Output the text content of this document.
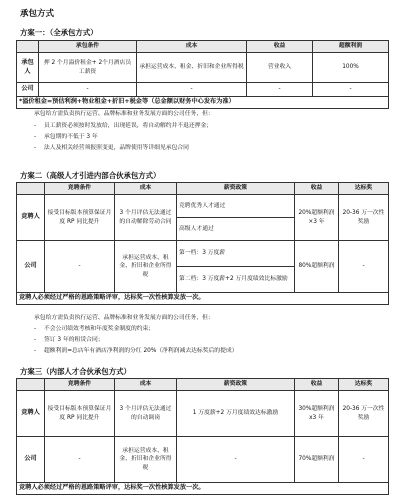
承包方式
方案一：（全承包方式）
	承包条件	成本	收益	超额利润
承包人	押 2 个月溢价租金+ 2个月酒店员工薪资	承担运营成本、租金、折旧和企业所得税	营业收入	100%
公司	-	-	-	-
*溢价租金=预估利润+物业租金+折旧+税金等（总金额以财务中心发布为准）				
承包给方需负责执行运营、品牌标准和业务发展方面的公司任务，但：
- 员工薪资必须按时发放给，出现延误，将自动解约并不退还押金；
- 承包期的不低于 3 年
- 法人及相关经营须报照变更，品牌使用等详细见承包合同
方案二（高级人才引进内部合伙承包方式）
	竞聘条件	成本	薪资政策	收益	达标奖
竞聘人	接受目标版本预算保证月度 RP 同比提升	3 个月评估无法通过的自动解除劳动合同	竞聘优秀人才通过	20%超额利润×3 年	20-36 万一次性奖励
			高级人才通过		
公司	-	承担运营成本、租金、折旧和企业所得税	第一档：3 万度薪	80%超额利润	-
			第二档：3 万度薪+2 万月度绩效比标激励		
竞聘人必须经过严格的恩路策略评审，达标奖一次性核算发放一次。					
承包给方需负责执行运营、品牌标准和业务发展方面的公司任务，但：
- 不会公司绩效考核和年度奖金制度的约束；
- 签订 3 年的租赁合同；
- 超额利润=总店年有酒店净利润的分红 20%（净利润减去达标奖后的提成）
方案三（内部人才合伙承包方式）
	竞聘条件	成本	薪资政策	收益	达标奖
竞聘人	接受目标版本预算保证月度 RP 同比提升	3 个月评估无法通过的自动调岗	1 万度薪+2 万月度绩效达标激励	30%超额利润 x3 年	20-36 万一次性奖励
公司	-	承担运营成本、租金、折旧和企业所得税	-	70%超额利润	-
竞聘人必须经过严格的恩路策略评审，达标奖一次性核算发放一次。					
